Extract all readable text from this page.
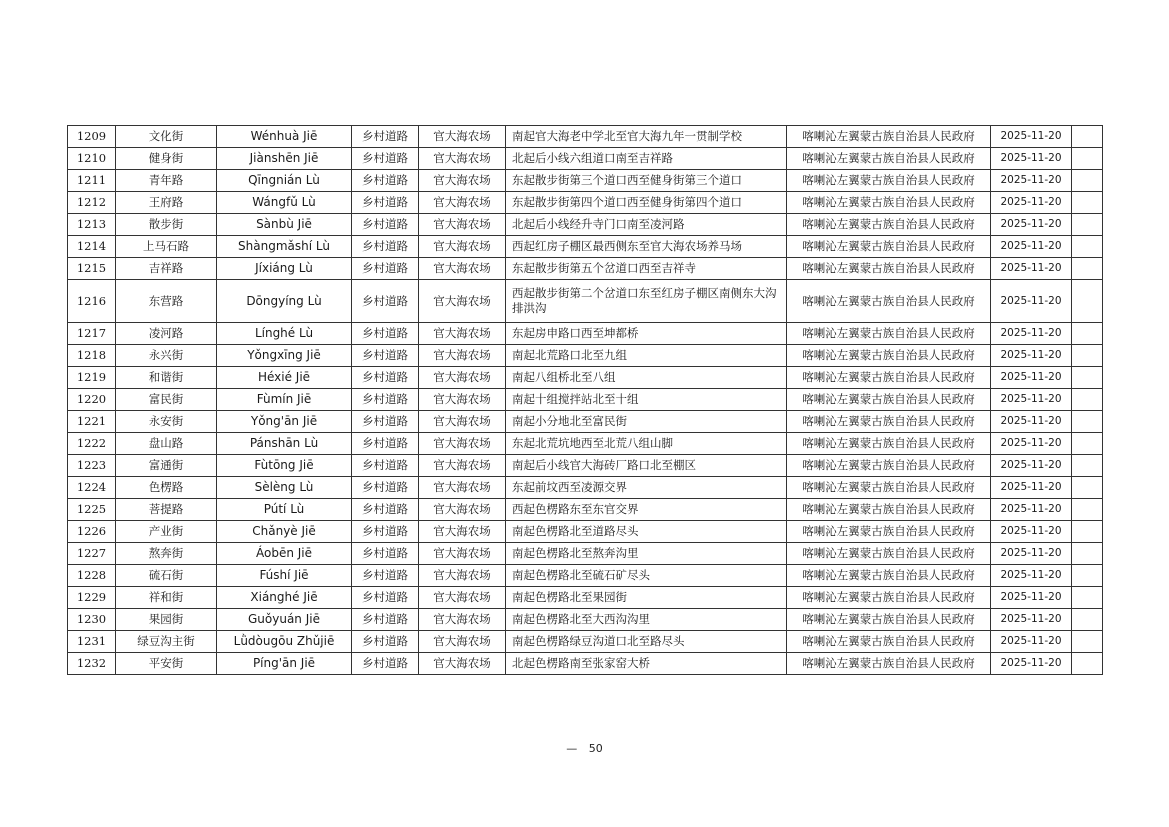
1209	文化街	Wénhuà Jiē	乡村道路	官大海农场	南起官大海老中学北至官大海九年一贯制学校	喀喇沁左翼蒙古族自治县人民政府	2025-11-20	
1210	健身街	Jiànshēn Jiē	乡村道路	官大海农场	北起后小线六组道口南至吉祥路	喀喇沁左翼蒙古族自治县人民政府	2025-11-20	
1211	青年路	Qīngnián Lù	乡村道路	官大海农场	东起散步街第三个道口西至健身街第三个道口	喀喇沁左翼蒙古族自治县人民政府	2025-11-20	
1212	王府路	Wángfǔ Lù	乡村道路	官大海农场	东起散步街第四个道口西至健身街第四个道口	喀喇沁左翼蒙古族自治县人民政府	2025-11-20	
1213	散步街	Sànbù Jiē	乡村道路	官大海农场	北起后小线经升寺门口南至凌河路	喀喇沁左翼蒙古族自治县人民政府	2025-11-20	
1214	上马石路	Shàngmǎshí Lù	乡村道路	官大海农场	西起红房子棚区最西侧东至官大海农场养马场	喀喇沁左翼蒙古族自治县人民政府	2025-11-20	
1215	吉祥路	Jíxiáng Lù	乡村道路	官大海农场	东起散步街第五个岔道口西至吉祥寺	喀喇沁左翼蒙古族自治县人民政府	2025-11-20	
1216	东营路	Dōngyíng Lù	乡村道路	官大海农场	西起散步街第二个岔道口东至红房子棚区南侧东大沟排洪沟	喀喇沁左翼蒙古族自治县人民政府	2025-11-20	
1217	凌河路	Línghé Lù	乡村道路	官大海农场	东起房申路口西至坤都桥	喀喇沁左翼蒙古族自治县人民政府	2025-11-20	
1218	永兴街	Yǒngxīng Jiē	乡村道路	官大海农场	南起北荒路口北至九组	喀喇沁左翼蒙古族自治县人民政府	2025-11-20	
1219	和谐街	Héxié Jiē	乡村道路	官大海农场	南起八组桥北至八组	喀喇沁左翼蒙古族自治县人民政府	2025-11-20	
1220	富民街	Fùmín Jiē	乡村道路	官大海农场	南起十组搅拌站北至十组	喀喇沁左翼蒙古族自治县人民政府	2025-11-20	
1221	永安街	Yǒng'ān Jiē	乡村道路	官大海农场	南起小分地北至富民街	喀喇沁左翼蒙古族自治县人民政府	2025-11-20	
1222	盘山路	Pánshān Lù	乡村道路	官大海农场	东起北荒坑地西至北荒八组山脚	喀喇沁左翼蒙古族自治县人民政府	2025-11-20	
1223	富通街	Fùtōng Jiē	乡村道路	官大海农场	南起后小线官大海砖厂路口北至棚区	喀喇沁左翼蒙古族自治县人民政府	2025-11-20	
1224	色楞路	Sèlèng Lù	乡村道路	官大海农场	东起前坟西至凌源交界	喀喇沁左翼蒙古族自治县人民政府	2025-11-20	
1225	菩提路	Pútí Lù	乡村道路	官大海农场	西起色楞路东至东官交界	喀喇沁左翼蒙古族自治县人民政府	2025-11-20	
1226	产业街	Chǎnyè Jiē	乡村道路	官大海农场	南起色楞路北至道路尽头	喀喇沁左翼蒙古族自治县人民政府	2025-11-20	
1227	熬奔街	Áobēn Jiē	乡村道路	官大海农场	南起色楞路北至熬奔沟里	喀喇沁左翼蒙古族自治县人民政府	2025-11-20	
1228	硫石街	Fúshí Jiē	乡村道路	官大海农场	南起色楞路北至硫石矿尽头	喀喇沁左翼蒙古族自治县人民政府	2025-11-20	
1229	祥和街	Xiánghé Jiē	乡村道路	官大海农场	南起色楞路北至果园街	喀喇沁左翼蒙古族自治县人民政府	2025-11-20	
1230	果园街	Guǒyuán Jiē	乡村道路	官大海农场	南起色楞路北至大西沟沟里	喀喇沁左翼蒙古族自治县人民政府	2025-11-20	
1231	绿豆沟主街	Lǜdòugōu Zhǔjiē	乡村道路	官大海农场	南起色楞路绿豆沟道口北至路尽头	喀喇沁左翼蒙古族自治县人民政府	2025-11-20	
1232	平安街	Píng'ān Jiē	乡村道路	官大海农场	北起色楞路南至张家窑大桥	喀喇沁左翼蒙古族自治县人民政府	2025-11-20	
— 50
